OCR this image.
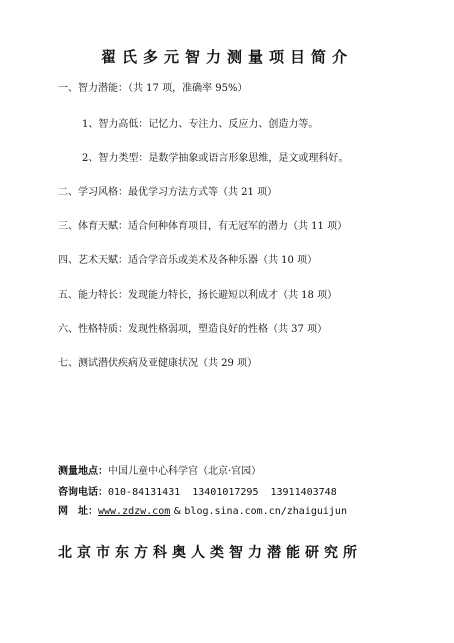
翟氏多元智力测量项目简介
一、智力潜能：（共 17 项，准确率 95%）
1、智力高低：记忆力、专注力、反应力、创造力等。
2、智力类型：是数学抽象或语言形象思维，是文或理科好。
二、学习风格：最优学习方法方式等（共 21 项）
三、体育天赋：适合何种体育项目，有无冠军的潜力（共 11 项）
四、艺术天赋：适合学音乐或美术及各种乐器（共 10 项）
五、能力特长：发现能力特长，扬长避短以利成才（共 18 项）
六、性格特质：发现性格弱项，塑造良好的性格（共 37 项）
七、测试潜伏疾病及亚健康状况（共 29 项）
测量地点：中国儿童中心科学宫（北京·官园）
咨询电话：010-84131431 13401017295 13911403748
网　址：www.zdzw.com & blog.sina.com.cn/zhaiguijun
北京市东方科奥人类智力潜能研究所
